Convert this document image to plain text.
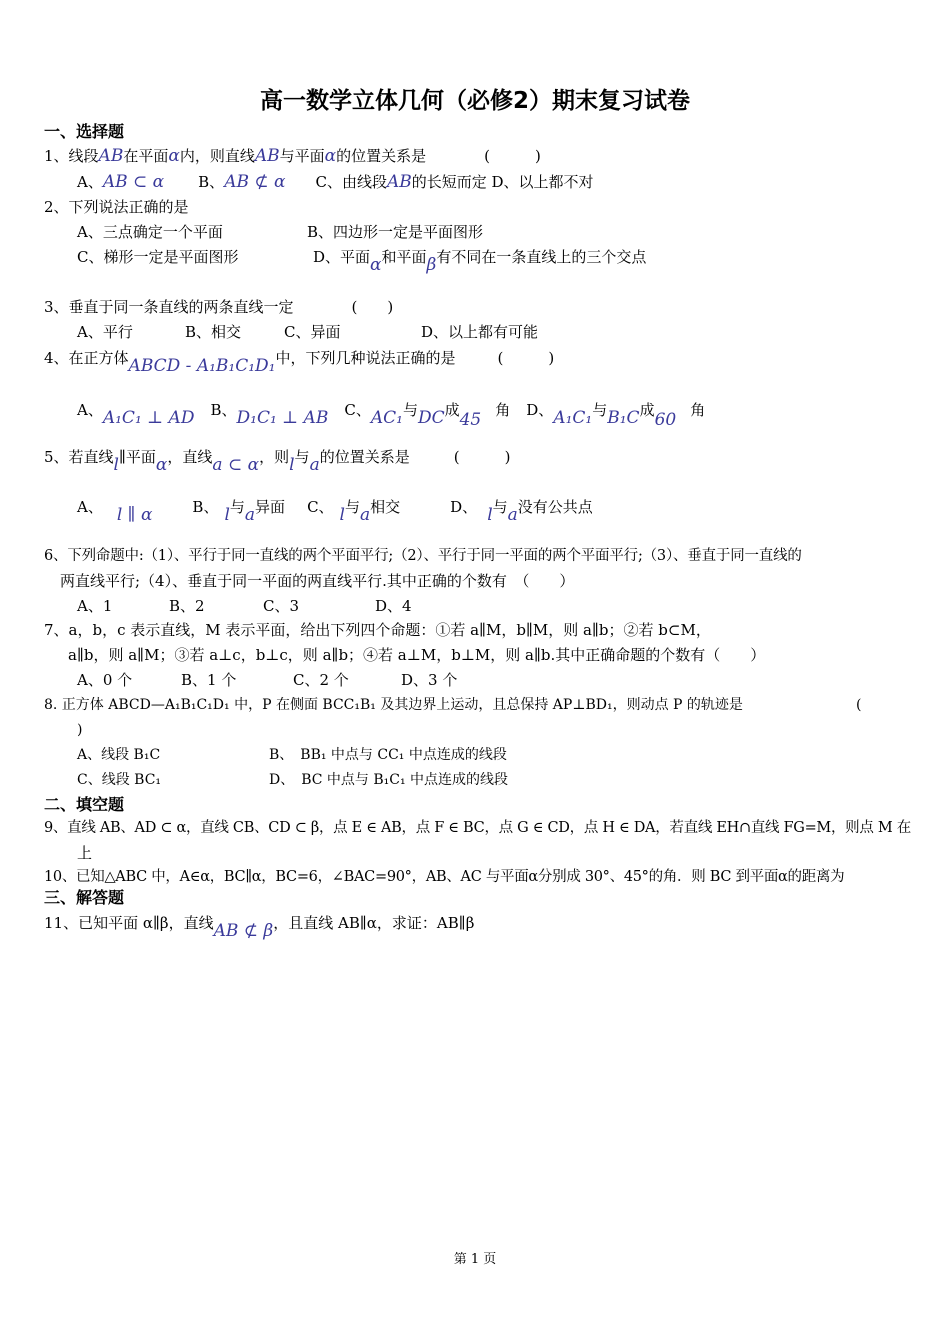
高一数学立体几何（必修2）期末复习试卷
一、选择题
1、线段AB在平面α内，则直线AB与平面α的位置关系是	(　　　)
A、AB ⊂ α B、AB ⊄ α C、由线段AB的长短而定 D、以上都不对
2、下列说法正确的是
A、三点确定一个平面	B、四边形一定是平面图形
C、梯形一定是平面图形	D、平面α和平面β有不同在一条直线上的三个交点
3、垂直于同一条直线的两条直线一定	(　　)
A、平行	B、相交	C、异面	D、以上都有可能
4、在正方体ABCD - A₁B₁C₁D₁中，下列几种说法正确的是	(　　　)
A、A₁C₁ ⊥ AD B、D₁C₁ ⊥ AB C、AC₁与DC成45 角 D、A₁C₁与B₁C成60 角
5、若直线l∥平面α，直线a ⊂ α，则l与a的位置关系是	(　　　)
A、 l ∥ α	B、 l与a异面 C、 l与a相交	D、 l与a没有公共点
6、下列命题中:（1）、平行于同一直线的两个平面平行;（2）、平行于同一平面的两个平面平行;（3）、垂直于同一直线的
两直线平行;（4）、垂直于同一平面的两直线平行.其中正确的个数有　（　　）
A、1	B、2	C、3	D、4
7、a，b，c 表示直线，M 表示平面，给出下列四个命题：①若 a∥M，b∥M，则 a∥b；②若 b⊂M，
a∥b，则 a∥M；③若 a⊥c，b⊥c，则 a∥b；④若 a⊥M，b⊥M，则 a∥b.其中正确命题的个数有（　　）
A、0 个	B、1 个	C、2 个	D、3 个
8. 正方体 ABCD—A₁B₁C₁D₁ 中，P 在侧面 BCC₁B₁ 及其边界上运动，且总保持 AP⊥BD₁，则动点 P 的轨迹是	(
)
A、线段 B₁C	B、　BB₁ 中点与 CC₁ 中点连成的线段
C、线段 BC₁	D、　BC 中点与 B₁C₁ 中点连成的线段
二、填空题
9、直线 AB、AD ⊂ α，直线 CB、CD ⊂ β，点 E ∈ AB，点 F ∈ BC，点 G ∈ CD，点 H ∈ DA，若直线 EH∩直线 FG=M，则点 M 在
上
10、已知△ABC 中，A∈α，BC∥α，BC=6，∠BAC=90°，AB、AC 与平面α分别成 30°、45°的角．则 BC 到平面α的距离为
三、解答题
11、已知平面 α∥β，直线AB ⊄ β，且直线 AB∥α，求证：AB∥β
第 1 页
